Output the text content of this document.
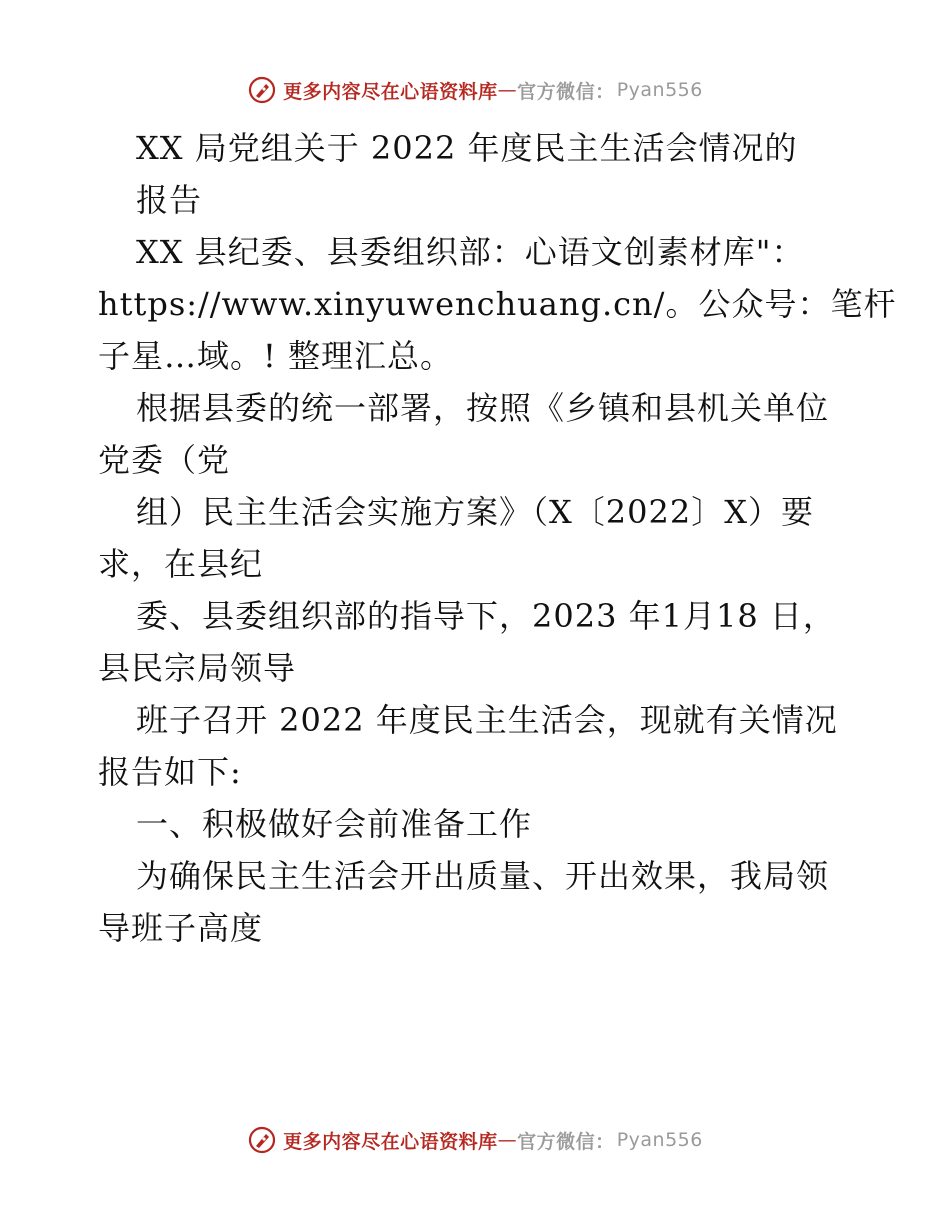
更多内容尽在心语资料库 — 官方微信： Pyan556
XX 局党组关于 2022 年度民主生活会情况的
报告
XX 县纪委、县委组织部：心语文创素材库"：
https://www.xinyuwenchuang.cn/。公众号：笔杆
子星…域。! 整理汇总。
根据县委的统一部署，按照《乡镇和县机关单位
党委（党
组）民主生活会实施方案》（X〔2022〕X）要
求，在县纪
委、县委组织部的指导下，2023 年1月18 日，
县民宗局领导
班子召开 2022 年度民主生活会，现就有关情况
报告如下:
一、积极做好会前准备工作
为确保民主生活会开出质量、开出效果，我局领
导班子高度
更多内容尽在心语资料库 — 官方微信： Pyan556
